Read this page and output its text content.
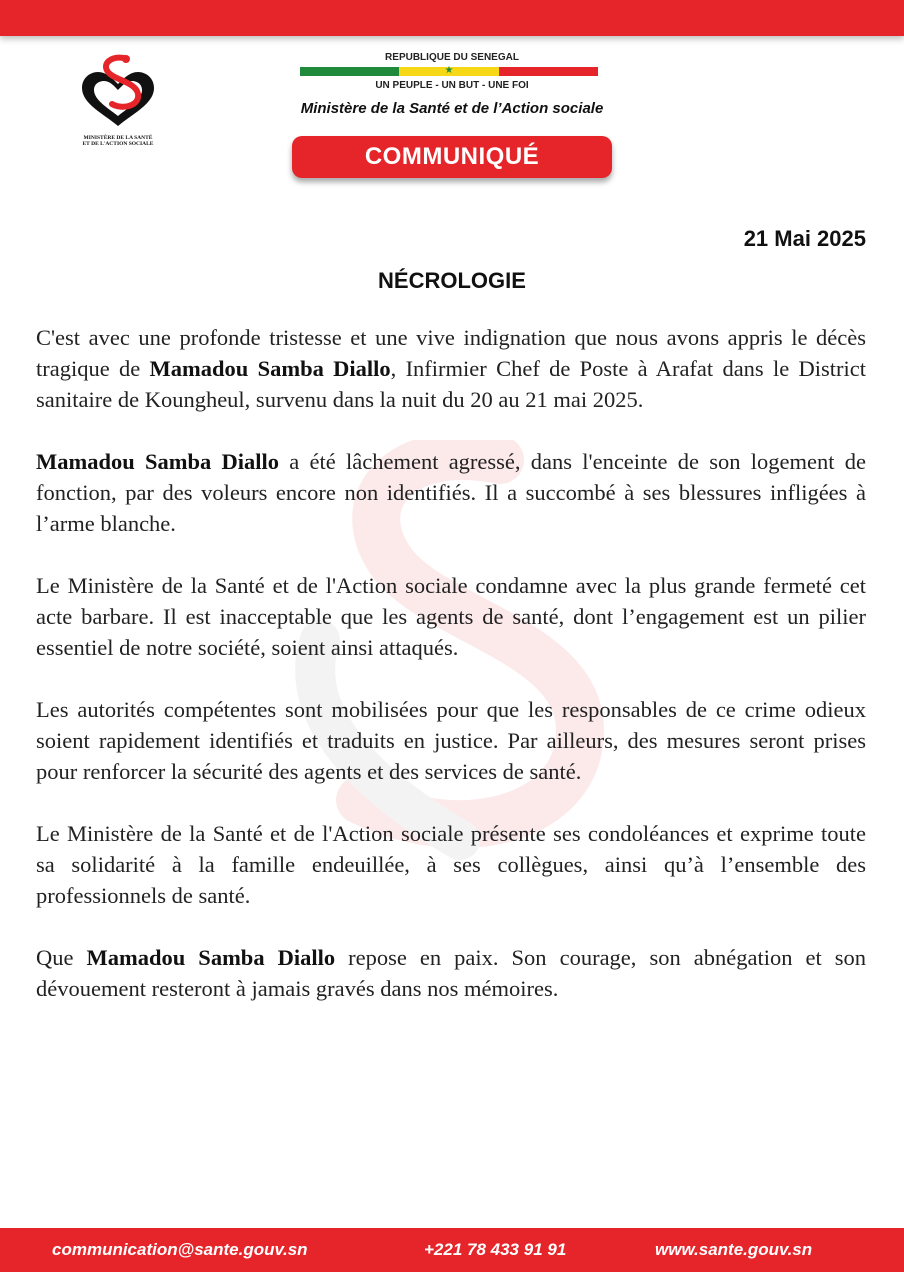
REPUBLIQUE DU SENEGAL
★
UN PEUPLE - UN BUT - UNE FOI
Ministère de la Santé et de l’Action sociale
COMMUNIQUÉ
MINISTÈRE DE LA SANTÉ
ET DE L'ACTION SOCIALE
21 Mai 2025
NÉCROLOGIE

C'est avec une profonde tristesse et une vive indignation que nous avons appris le décès tragique de Mamadou Samba Diallo, Infirmier Chef de Poste à Arafat dans le District sanitaire de Koungheul, survenu dans la nuit du 20 au 21 mai 2025.

Mamadou Samba Diallo a été lâchement agressé, dans l'enceinte de son logement de fonction, par des voleurs encore non identifiés. Il a succombé à ses blessures infligées à l’arme blanche.

Le Ministère de la Santé et de l'Action sociale condamne avec la plus grande fermeté cet acte barbare. Il est inacceptable que les agents de santé, dont l’engagement est un pilier essentiel de notre société, soient ainsi attaqués.

Les autorités compétentes sont mobilisées pour que les responsables de ce crime odieux soient rapidement identifiés et traduits en justice. Par ailleurs, des mesures seront prises pour renforcer la sécurité des agents et des services de santé.

Le Ministère de la Santé et de l'Action sociale présente ses condoléances et exprime toute sa solidarité à la famille endeuillée, à ses collègues, ainsi qu’à l’ensemble des professionnels de santé.

Que Mamadou Samba Diallo repose en paix. Son courage, son abnégation et son dévouement resteront à jamais gravés dans nos mémoires.

communication@sante.gouv.sn	+221 78 433 91 91	www.sante.gouv.sn
